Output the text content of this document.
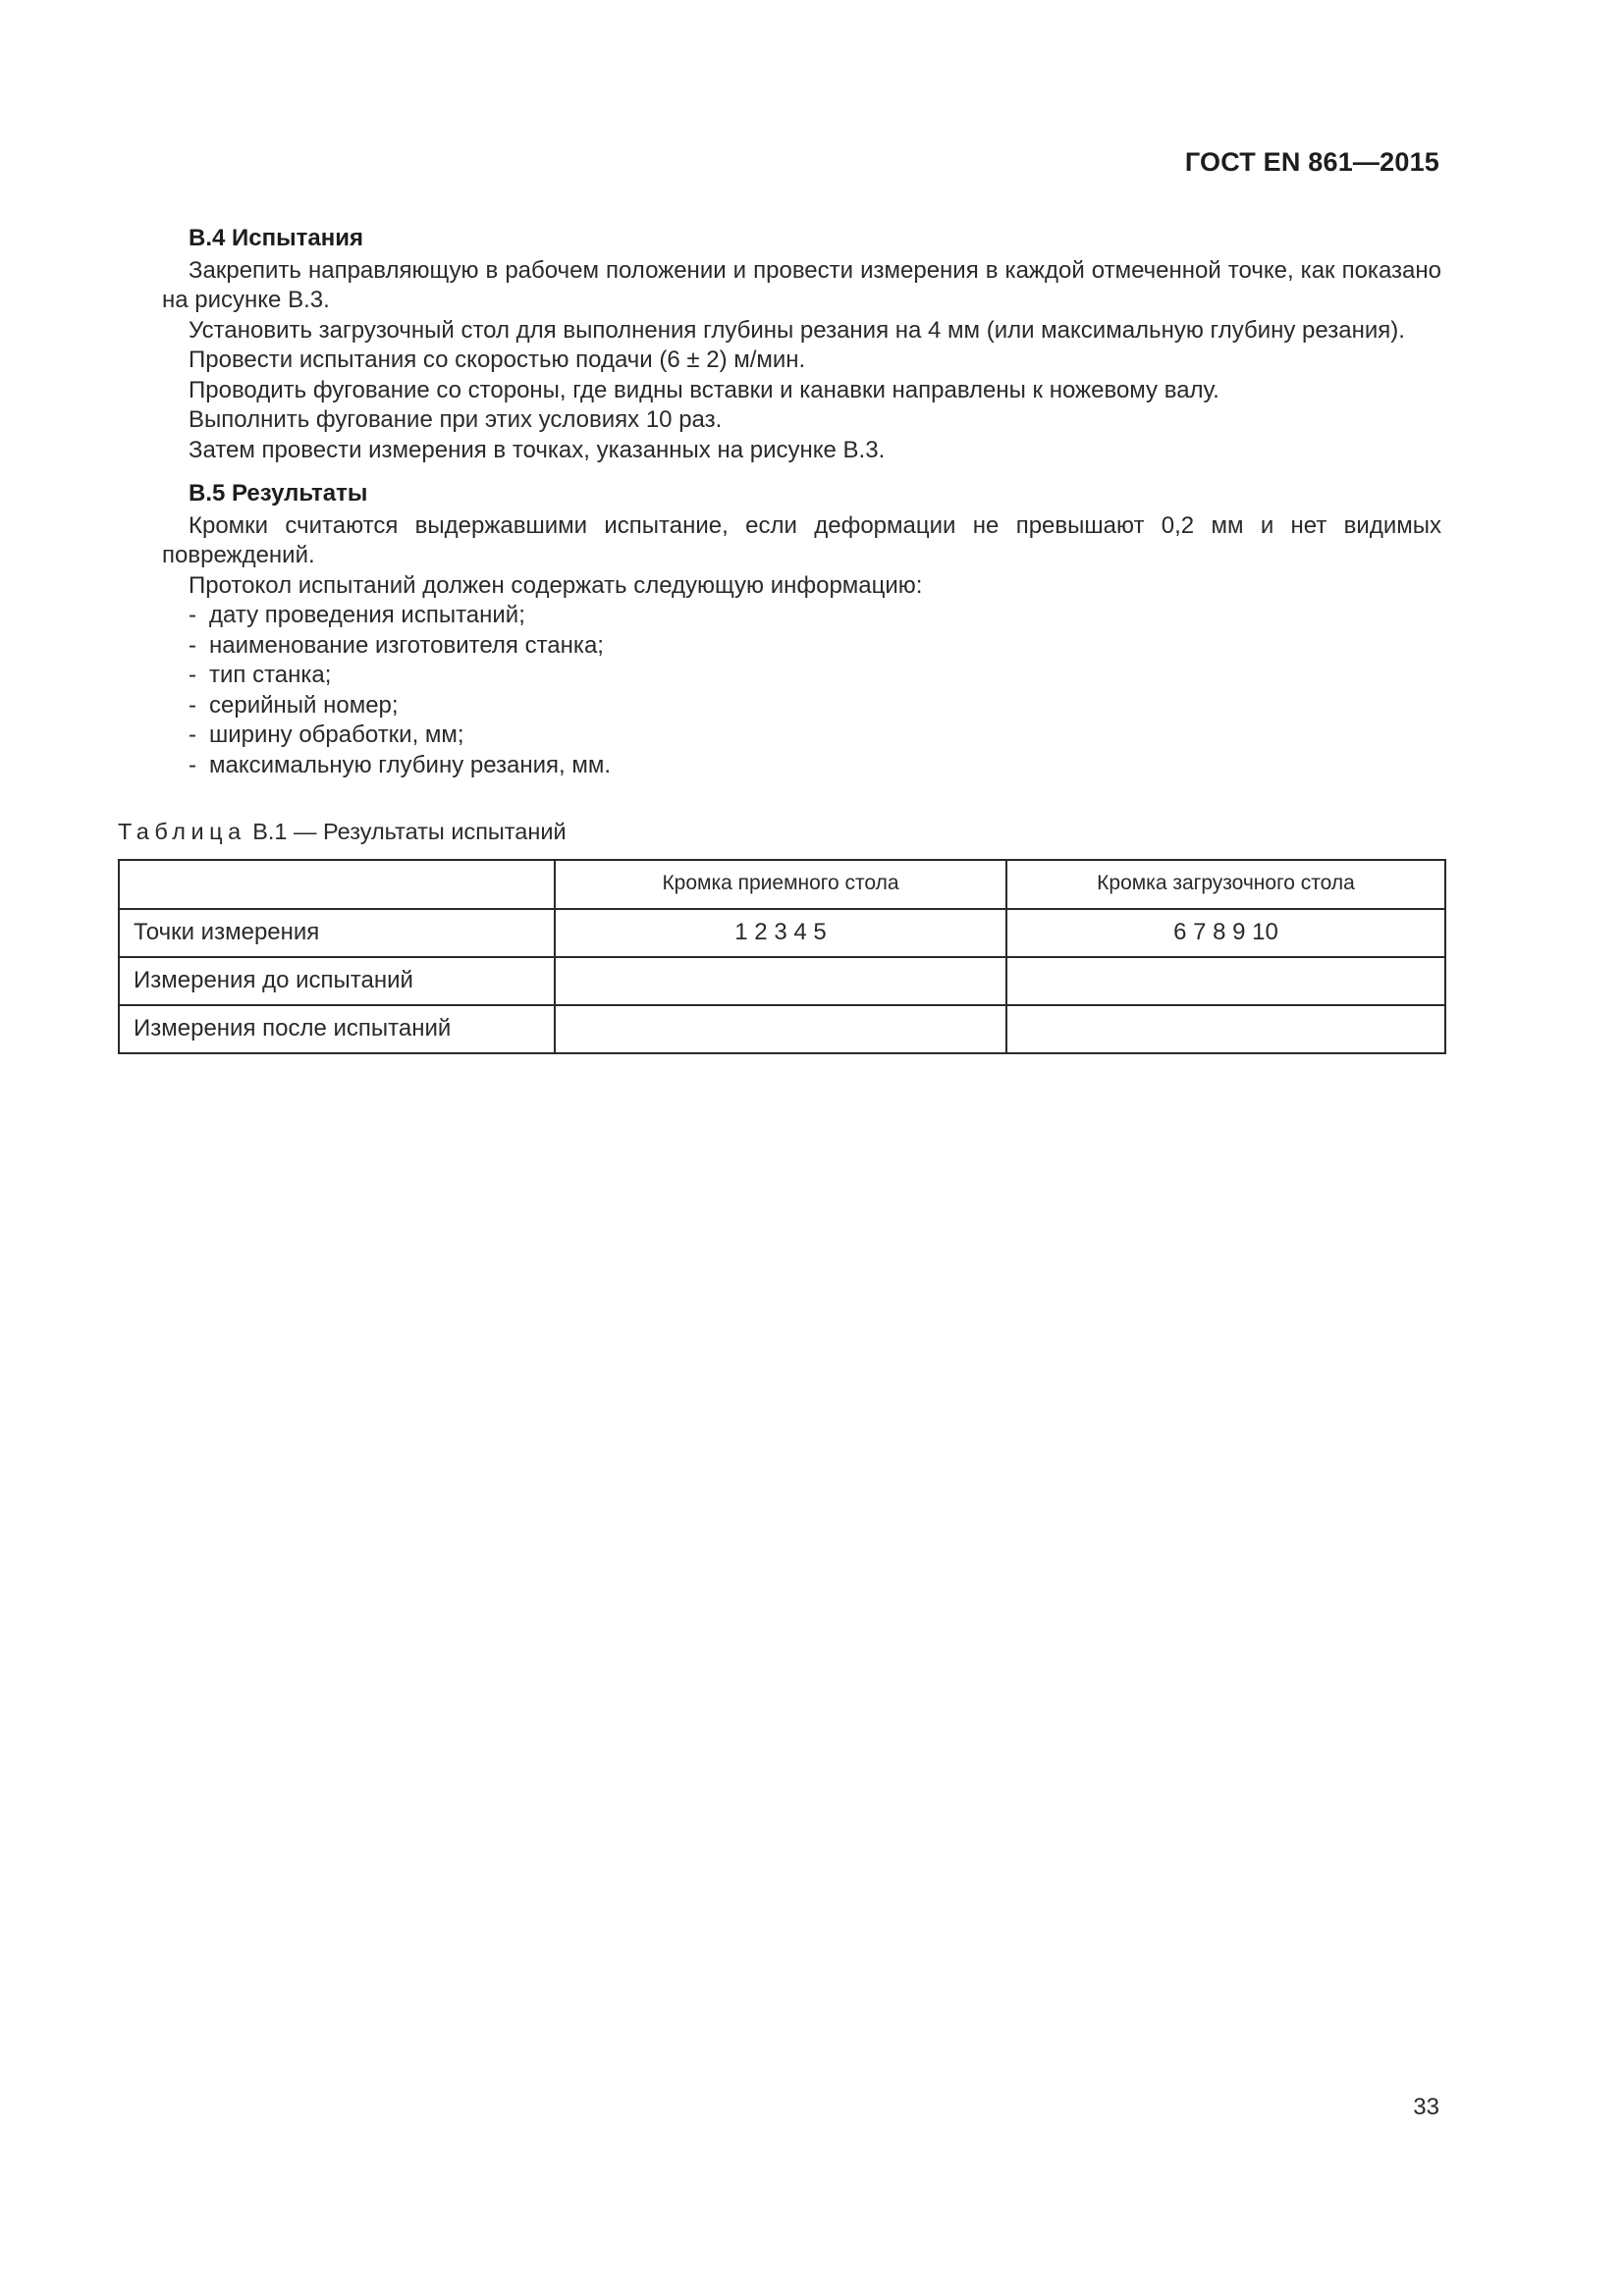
ГОСТ EN 861—2015
B.4 Испытания

Закрепить направляющую в рабочем положении и провести измерения в каждой отмеченной точке, как показано на рисунке В.3.

Установить загрузочный стол для выполнения глубины резания на 4 мм (или максимальную глубину резания).

Провести испытания со скоростью подачи (6 ± 2) м/мин.

Проводить фугование со стороны, где видны вставки и канавки направлены к ножевому валу.

Выполнить фугование при этих условиях 10 раз.

Затем провести измерения в точках, указанных на рисунке В.3.

В.5 Результаты

Кромки считаются выдержавшими испытание, если деформации не превышают 0,2 мм и нет видимых повреждений.

Протокол испытаний должен содержать следующую информацию:

- дату проведения испытаний;
- наименование изготовителя станка;
- тип станка;
- серийный номер;
- ширину обработки, мм;
- максимальную глубину резания, мм.
Таблица В.1 — Результаты испытаний
	Кромка приемного стола	Кромка загрузочного стола
Точки измерения	1 2 3 4 5	6 7 8 9 10
Измерения до испытаний		
Измерения после испытаний		
33
